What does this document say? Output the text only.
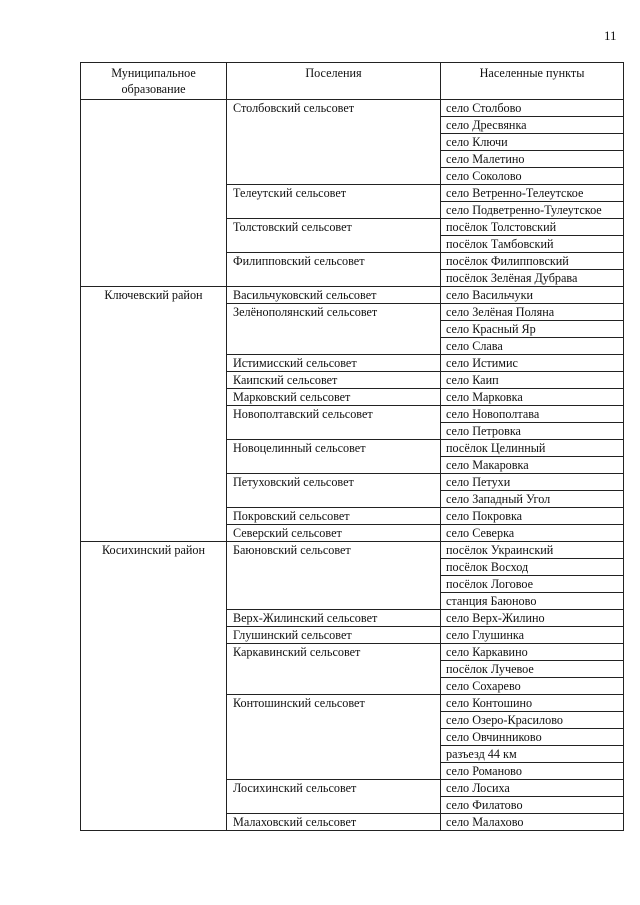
11
Муниципальное образование	Поселения	Населенные пункты
	Столбовский сельсовет	село Столбово
		село Дресвянка
		село Ключи
		село Малетино
		село Соколово
	Телеутский сельсовет	село Ветренно-Телеутское
		село Подветренно-Тулеутское
	Толстовский сельсовет	посёлок Толстовский
		посёлок Тамбовский
	Филипповский сельсовет	посёлок Филипповский
		посёлок Зелёная Дубрава
Ключевский район	Васильчуковский сельсовет	село Васильчуки
	Зелёнополянский сельсовет	село Зелёная Поляна
		село Красный Яр
		село Слава
	Истимисский сельсовет	село Истимис
	Каипский сельсовет	село Каип
	Марковский сельсовет	село Марковка
	Новополтавский сельсовет	село Новополтава
		село Петровка
	Новоцелинный сельсовет	посёлок Целинный
		село Макаровка
	Петуховский сельсовет	село Петухи
		село Западный Угол
	Покровский сельсовет	село Покровка
	Северский сельсовет	село Северка
Косихинский район	Баюновский сельсовет	посёлок Украинский
		посёлок Восход
		посёлок Логовое
		станция Баюново
	Верх-Жилинский сельсовет	село Верх-Жилино
	Глушинский сельсовет	село Глушинка
	Каркавинский сельсовет	село Каркавино
		посёлок Лучевое
		село Сохарево
	Контошинский сельсовет	село Контошино
		село Озеро-Красилово
		село Овчинниково
		разъезд 44 км
		село Романово
	Лосихинский сельсовет	село Лосиха
		село Филатово
	Малаховский сельсовет	село Малахово
